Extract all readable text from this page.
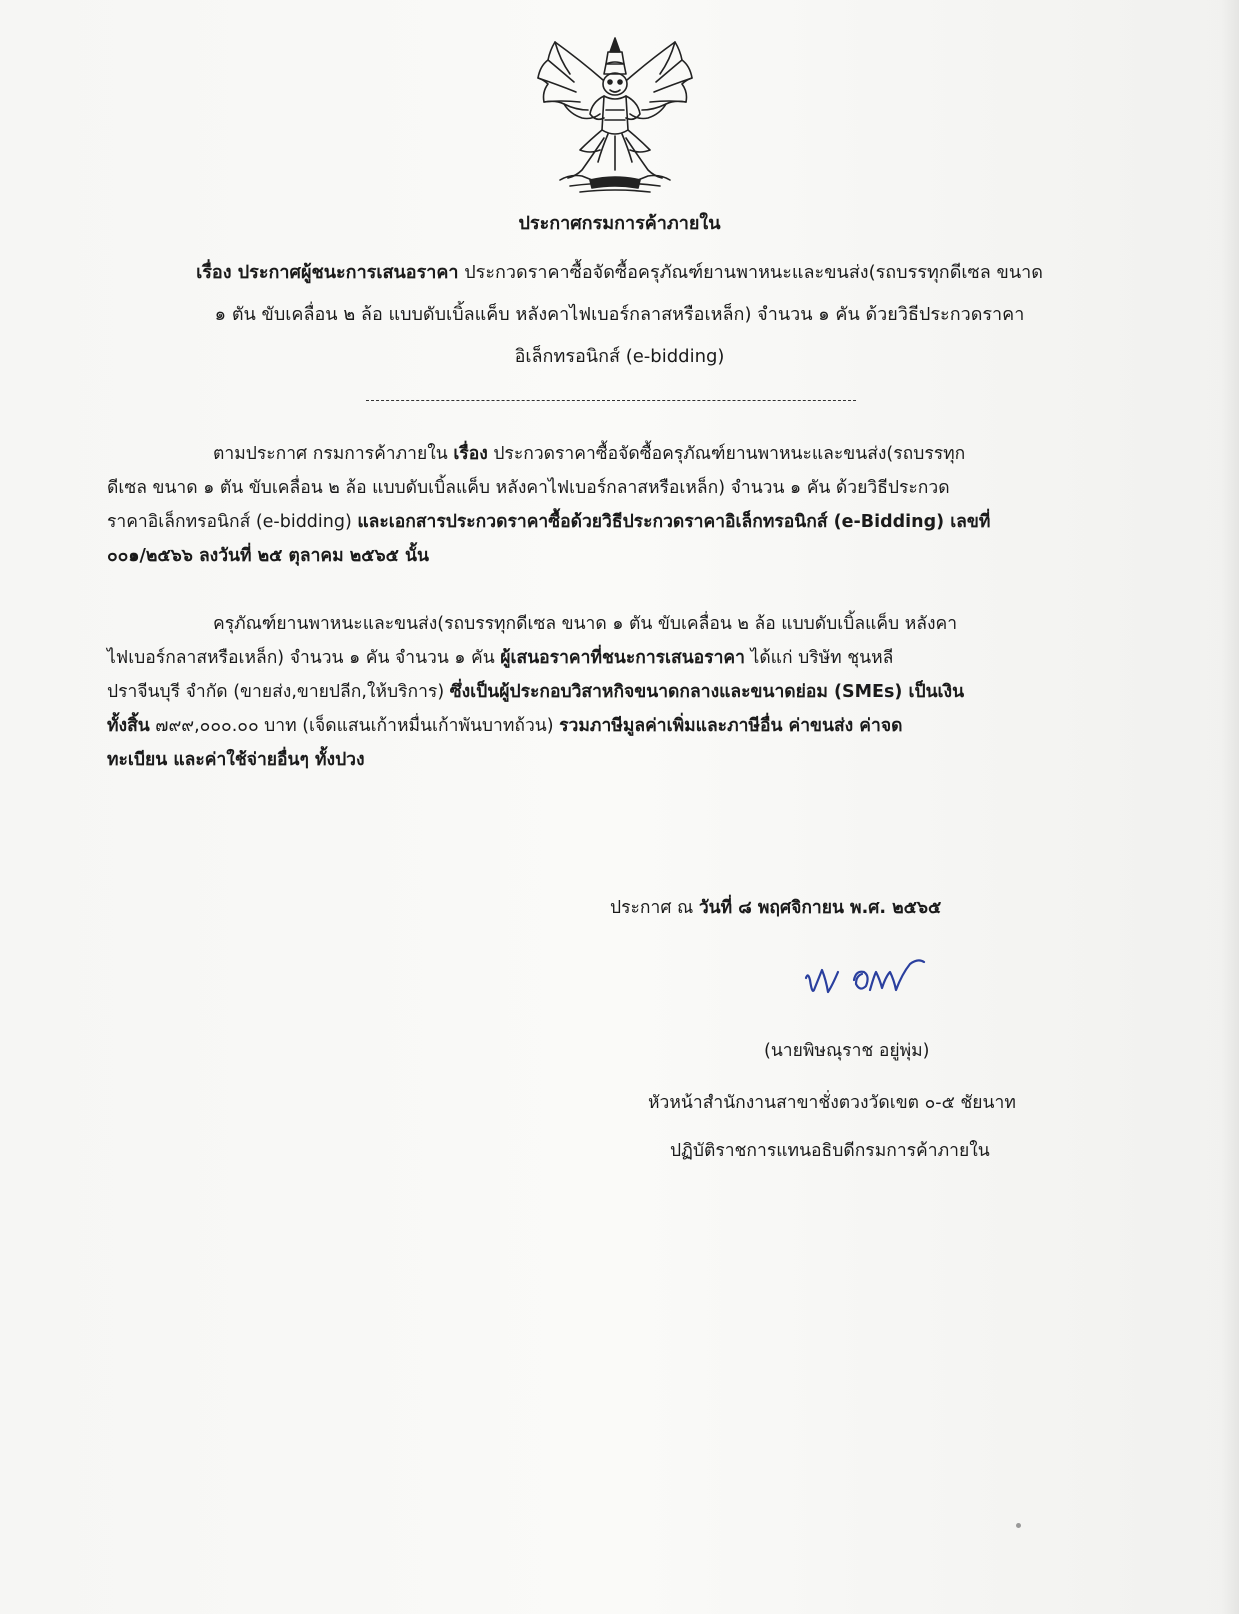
ประกาศกรมการค้าภายใน
เรื่อง ประกาศผู้ชนะการเสนอราคา ประกวดราคาซื้อจัดซื้อครุภัณฑ์ยานพาหนะและขนส่ง(รถบรรทุกดีเซล ขนาด
๑ ตัน ขับเคลื่อน ๒ ล้อ แบบดับเบิ้ลแค็บ หลังคาไฟเบอร์กลาสหรือเหล็ก) จำนวน ๑ คัน ด้วยวิธีประกวดราคา
อิเล็กทรอนิกส์ (e-bidding)
ตามประกาศ กรมการค้าภายใน เรื่อง ประกวดราคาซื้อจัดซื้อครุภัณฑ์ยานพาหนะและขนส่ง(รถบรรทุก
ดีเซล ขนาด ๑ ตัน ขับเคลื่อน ๒ ล้อ แบบดับเบิ้ลแค็บ หลังคาไฟเบอร์กลาสหรือเหล็ก) จำนวน ๑ คัน ด้วยวิธีประกวด
ราคาอิเล็กทรอนิกส์ (e-bidding) และเอกสารประกวดราคาซื้อด้วยวิธีประกวดราคาอิเล็กทรอนิกส์ (e-Bidding) เลขที่
๐๐๑/๒๕๖๖ ลงวันที่ ๒๕ ตุลาคม ๒๕๖๕ นั้น
ครุภัณฑ์ยานพาหนะและขนส่ง(รถบรรทุกดีเซล ขนาด ๑ ตัน ขับเคลื่อน ๒ ล้อ แบบดับเบิ้ลแค็บ หลังคา
ไฟเบอร์กลาสหรือเหล็ก) จำนวน ๑ คัน จำนวน ๑ คัน ผู้เสนอราคาที่ชนะการเสนอราคา ได้แก่ บริษัท ชุนหลี
ปราจีนบุรี จำกัด (ขายส่ง,ขายปลีก,ให้บริการ) ซึ่งเป็นผู้ประกอบวิสาหกิจขนาดกลางและขนาดย่อม (SMEs) เป็นเงิน
ทั้งสิ้น ๗๙๙,๐๐๐.๐๐ บาท (เจ็ดแสนเก้าหมื่นเก้าพันบาทถ้วน) รวมภาษีมูลค่าเพิ่มและภาษีอื่น ค่าขนส่ง ค่าจด
ทะเบียน และค่าใช้จ่ายอื่นๆ ทั้งปวง
ประกาศ ณ วันที่ ๘ พฤศจิกายน พ.ศ. ๒๕๖๕
(นายพิษณุราช อยู่พุ่ม)
หัวหน้าสำนักงานสาขาชั่งตวงวัดเขต ๐-๕ ชัยนาท
ปฏิบัติราชการแทนอธิบดีกรมการค้าภายใน
